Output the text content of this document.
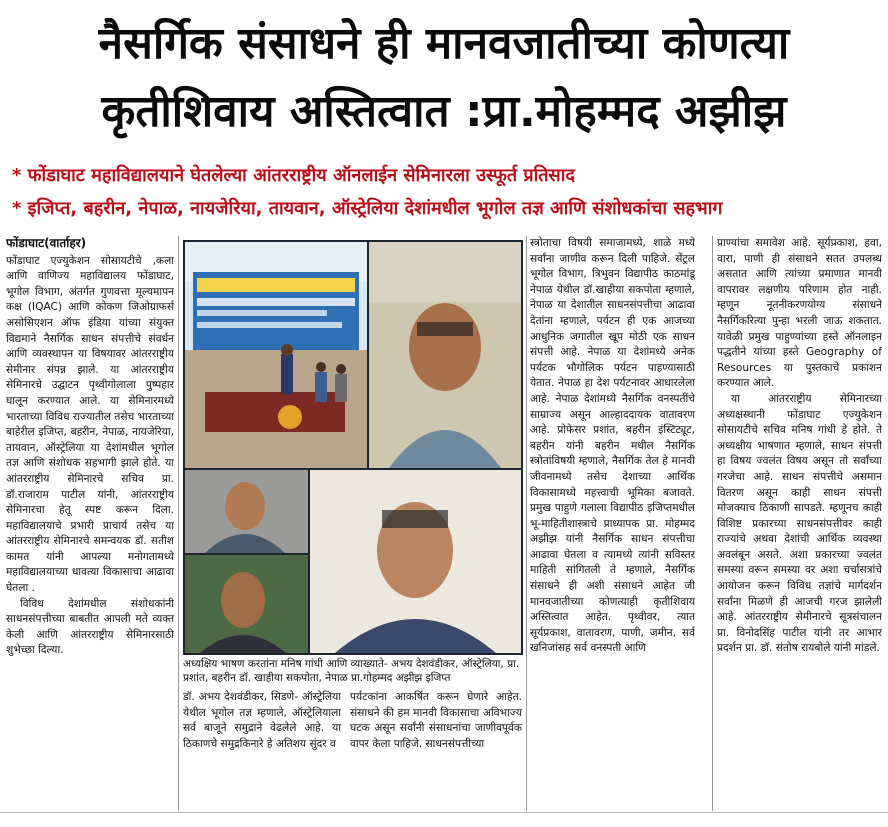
नैसर्गिक संसाधने ही मानवजातीच्या कोणत्या
कृतीशिवाय अस्तित्वात :प्रा.मोहम्मद अझीझ
* फोंडाघाट महाविद्यालयाने घेतलेल्या आंतरराष्ट्रीय ऑनलाईन सेमिनारला उस्फूर्त प्रतिसाद
* इजिप्त, बहरीन, नेपाळ, नायजेरिया, तायवान, ऑस्ट्रेलिया देशांमधील भूगोल तज्ञ आणि संशोधकांचा सहभाग
फोंडाघाट(वार्ताहर)

फोंडाघाट एज्युकेशन सोसायटीचे ,कला आणि वाणिज्य महाविद्यालय फोंडाघाट, भूगोल विभाग, अंतर्गत गुणवत्ता मूल्यमापन कक्ष (IQAC) आणि कोकण जिओग्राफर्स असोसिएशन ऑफ इंडिया यांच्या संयुक्त विद्यमाने नैसर्गिक साधन संपत्तीचे संवर्धन आणि व्यवस्थापन या विषयावर आंतरराष्ट्रीय सेमीनार संपन्न झाले. या आंतरराष्ट्रीय सेमिनारचे उद्घाटन पृथ्वीगोलाला पुष्पहार घालून करण्यात आले. या सेमिनारमध्ये भारताच्या विविध राज्यातील तसेच भारताच्या बाहेरील इजिप्त, बहरीन, नेपाळ, नायजेरिया, तायवान, ऑस्ट्रेलिया या देशांमधील भूगोल तज्ञ आणि संशोधक सहभागी झाले होते. या आंतरराष्ट्रीय सेमिनारचे सचिव प्रा. डॉ.राजाराम पाटील यांनी, आंतरराष्ट्रीय सेमिनारचा हेतू स्पष्ट करून दिला. महाविद्यालयाचे प्रभारी प्राचार्य तसेच या आंतरराष्ट्रीय सेमिनारचे समन्वयक डॉ. सतीश कामत यांनी आपल्या मनोगतामध्ये महाविद्यालयाच्या धावत्या विकासाचा आढावा घेतला .

विविध देशांमधील संशोधकांनी साधनसंपत्तीच्या बाबतीत आपली मते व्यक्त केली आणि आंतरराष्ट्रीय सेमिनारसाठी शुभेच्छा दिल्या.

अध्यक्षिय भाषण करतांना मनिष गांधी आणि व्याख्याते- अभय देशवंडीकर, ऑस्ट्रेलिया, प्रा. प्रशांत, बहरीन डॉ. खाहीया सकपोता, नेपाळ प्रा.गोहम्मद अझीझ इजिप्त
डॉ. अभय देशवंडीकर, सिडणे- ऑस्ट्रेलिया येथील भूगोल तज्ञ म्हणाले, ऑस्ट्रेलियाला सर्व बाजूने समुद्राने वेढलेले आहे. या ठिकाणचे समुद्रकिनारे हे अतिशय सुंदर व
पर्यटकांना आकर्षित करून घेणारे आहेत. संसाधने की हम मानवी विकासाचा अविभाज्य घटक असून सर्वांनी संसाधनांचा जाणीवपूर्वक वापर केला पाहिजे. साधनसंपत्तीच्या
स्त्रोताचा विषयी समाजामध्ये, शाळे मध्ये सर्वांना जाणीव करून दिली पाहिजे. सेंट्रल भूगोल विभाग, त्रिभुवन विद्यापीठ काठमांडू नेपाळ येथील डॉ.खाहीया सकपोता म्हणाले, नेपाळ या देशातील साधनसंपत्तीचा आढावा देतांना म्हणाले, पर्यटन ही एक आजच्या आधुनिक जगातील खूप मोठी एक साधन संपत्ती आहे. नेपाळ या देशांमध्ये अनेक पर्यटक भौगोलिक पर्यटन पाहण्यासाठी येतात. नेपाळ हा देश पर्यटनावर आधारलेला आहे. नेपाळ देशांमध्ये नैसर्गिक वनस्पतींचे साम्राज्य असून आल्हाददायक वातावरण आहे. प्रोफेसर प्रशांत, बहरीन इंस्टिट्यूट, बहरीन यांनी बहरीन मधील नैसर्गिक स्त्रोतांविषयी म्हणाले, नैसर्गिक तेल हे मानवी जीवनामध्ये तसेच देशाच्या आर्थिक विकासामध्ये महत्त्वाची भूमिका बजावते. प्रमुख पाहुणे गलाला विद्यापीठ इजिप्तमधील भू-माहितीशास्त्राचे प्राध्यापक प्रा. मोहम्मद अझीझ यांनी नैसर्गिक साधन संपत्तीचा आढावा घेतला व त्यामध्ये त्यांनी सविस्तर माहिती सांगितली ते म्हणाले, नैसर्गिक संसाधने ही अशी संसाधने आहेत जी मानवजातीच्या कोणत्याही कृतीशिवाय अस्तित्वात आहेत. पृथ्वीवर, त्यात सूर्यप्रकाश, वातावरण, पाणी, जमीन, सर्व खनिजांसह सर्व वनस्पती आणि

प्राण्यांचा समावेश आहे. सूर्यप्रकाश, हवा, वारा, पाणी ही संसाधने सतत उपलब्ध असतात आणि त्यांच्या प्रमाणात मानवी वापरावर लक्षणीय परिणाम होत नाही. म्हणून नूतनीकरणयोग्य संसाधने नैसर्गिकरित्या पुन्हा भरली जाऊ शकतात. यावेळी प्रमुख पाहुण्यांच्या हस्ते ऑनलाइन पद्धतीने यांच्या हस्ते Geography of Resources या पुस्तकाचे प्रकाशन करण्यात आले.

या आंतरराष्ट्रीय सेमिनारच्या अध्यक्षस्थानी फोंडाघाट एज्युकेशन सोसायटीचे सचिव मनिष गांधी हे होते. ते अध्यक्षीय भाषणात म्हणाले, साधन संपत्ती हा विषय ज्वलंत विषय असून तो सर्वांच्या गरजेचा आहे. साधन संपत्तीचे असमान वितरण असून काही साधन संपत्ती मोजक्याच ठिकाणी सापडते. म्हणूनच काही विशिष्ट प्रकारच्या साधनसंपत्तीवर काही राज्यांचे अथवा देशांची आर्थिक व्यवस्था अवलंबून असते. अशा प्रकारच्या ज्वलंत समस्या वरून समस्या वर अशा चर्चासत्रांचे आयोजन करून विविध तज्ञांचे मार्गदर्शन सर्वांना मिळणे ही आजची गरज झालेली आहे. आंतरराष्ट्रीय सेमीनारचे सूत्रसंचालन प्रा. विनोदसिंह पाटील यांनी तर आभार प्रदर्शन प्रा. डॉ. संतोष रायबोले यांनी मांडले.
